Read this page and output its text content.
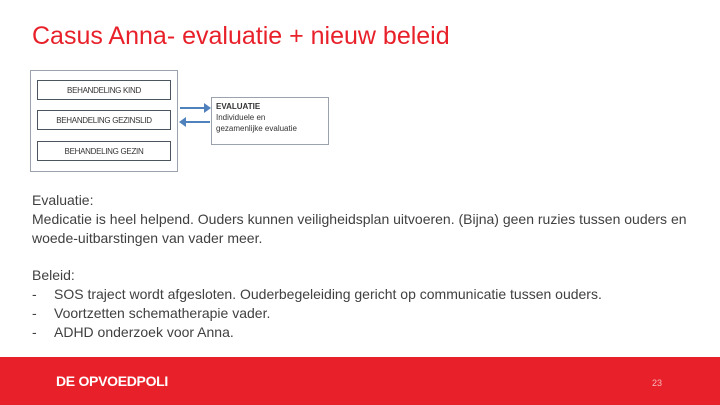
Casus Anna- evaluatie + nieuw beleid
BEHANDELING KIND
BEHANDELING GEZINSLID
BEHANDELING GEZIN
EVALUATIE
Individuele en
gezamenlijke evaluatie
Evaluatie:
Medicatie is heel helpend. Ouders kunnen veiligheidsplan uitvoeren. (Bijna) geen ruzies tussen ouders en woede-uitbarstingen van vader meer.
Beleid:
-	SOS traject wordt afgesloten. Ouderbegeleiding gericht op communicatie tussen ouders.
-	Voortzetten schematherapie vader.
-	ADHD onderzoek voor Anna.
DE OPVOEDPOLI	23
